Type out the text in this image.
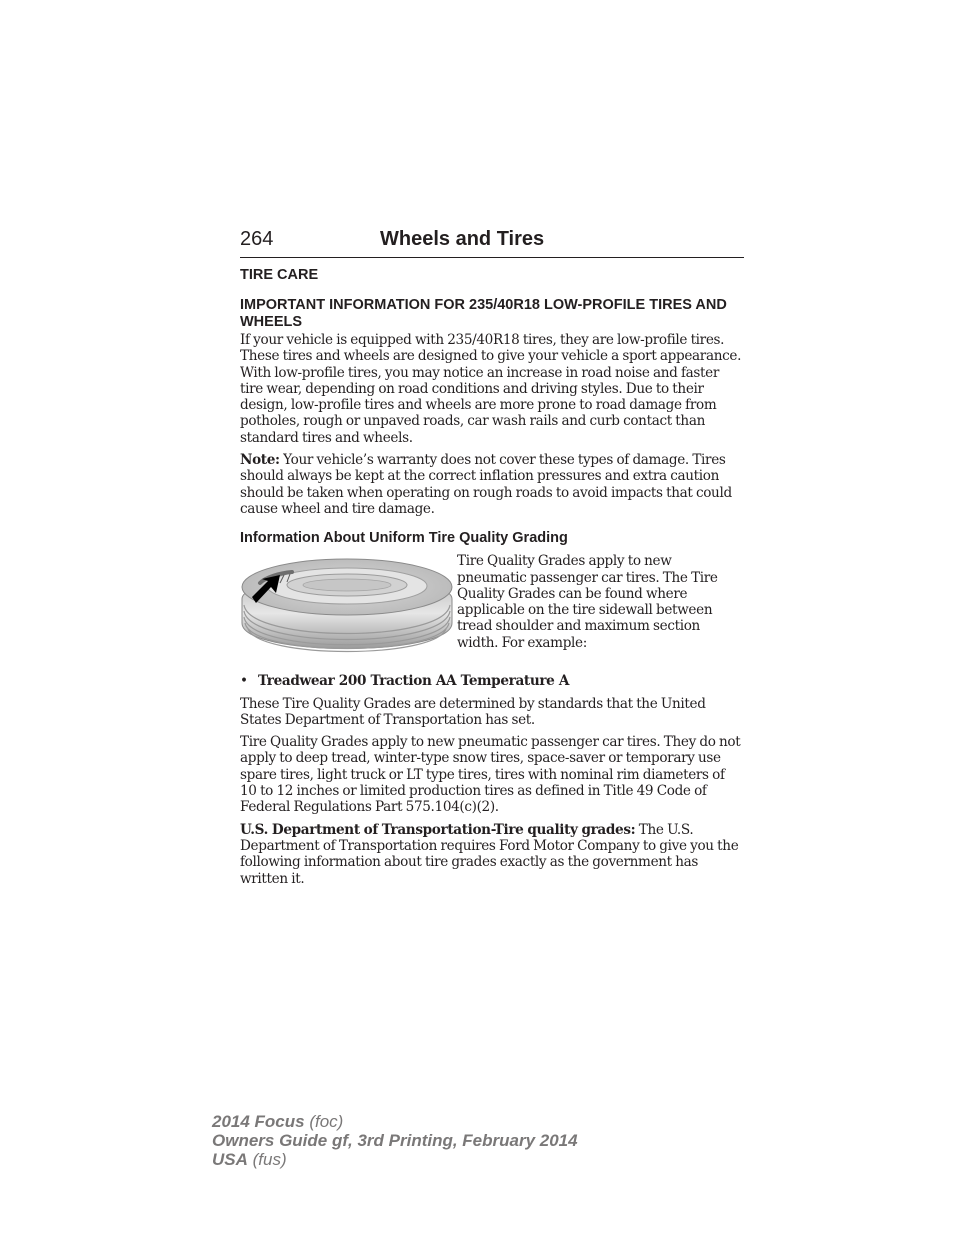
264	Wheels and Tires
TIRE CARE
IMPORTANT INFORMATION FOR 235/40R18 LOW-PROFILE TIRES AND WHEELS

If your vehicle is equipped with 235/40R18 tires, they are low-profile tires. These tires and wheels are designed to give your vehicle a sport appearance. With low-profile tires, you may notice an increase in road noise and faster tire wear, depending on road conditions and driving styles. Due to their design, low-profile tires and wheels are more prone to road damage from potholes, rough or unpaved roads, car wash rails and curb contact than standard tires and wheels.

Note: Your vehicle’s warranty does not cover these types of damage. Tires should always be kept at the correct inflation pressures and extra caution should be taken when operating on rough roads to avoid impacts that could cause wheel and tire damage.

Information About Uniform Tire Quality Grading

Tire Quality Grades apply to new pneumatic passenger car tires. The Tire Quality Grades can be found where applicable on the tire sidewall between tread shoulder and maximum section width. For example:

• Treadwear 200 Traction AA Temperature A

These Tire Quality Grades are determined by standards that the United States Department of Transportation has set.

Tire Quality Grades apply to new pneumatic passenger car tires. They do not apply to deep tread, winter-type snow tires, space-saver or temporary use spare tires, light truck or LT type tires, tires with nominal rim diameters of 10 to 12 inches or limited production tires as defined in Title 49 Code of Federal Regulations Part 575.104(c)(2).

U.S. Department of Transportation-Tire quality grades: The U.S. Department of Transportation requires Ford Motor Company to give you the following information about tire grades exactly as the government has written it.

2014 Focus (foc)
Owners Guide gf, 3rd Printing, February 2014
USA (fus)
